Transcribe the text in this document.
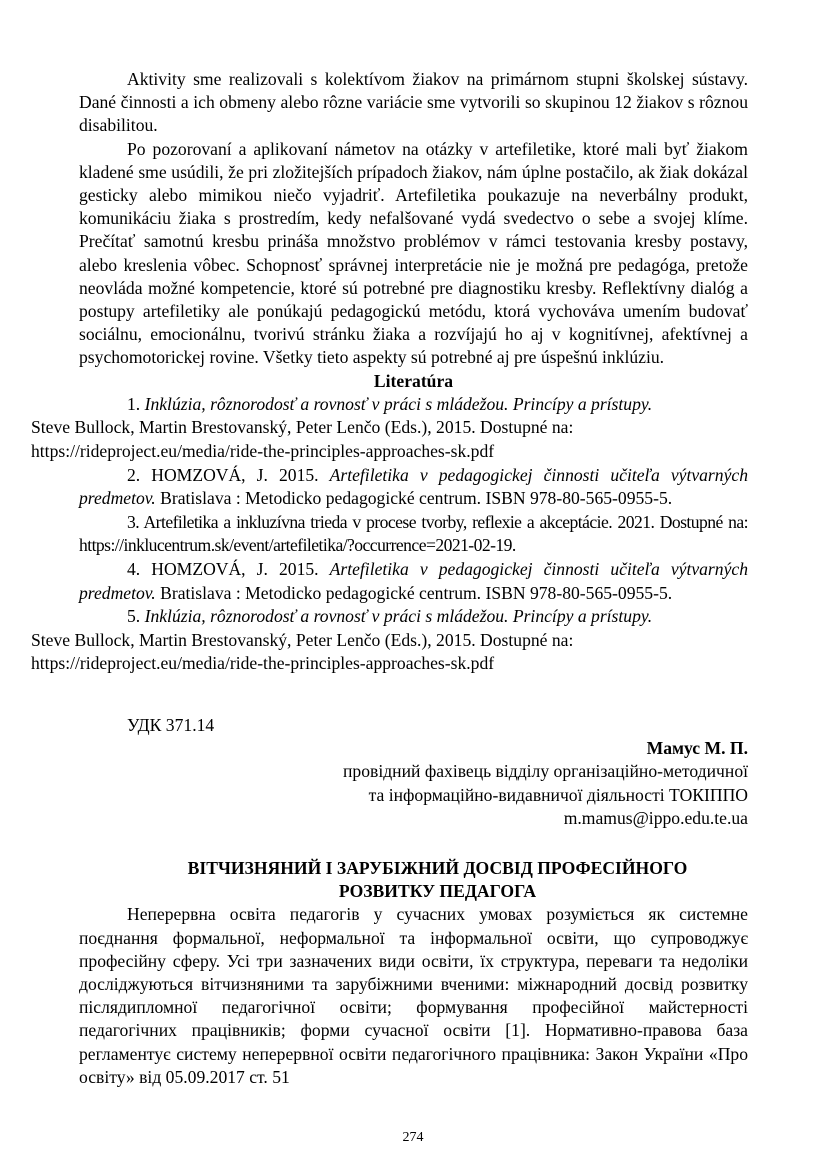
Aktivity sme realizovali s kolektívom žiakov na primárnom stupni školskej sústavy. Dané činnosti a ich obmeny alebo rôzne variácie sme vytvorili so skupinou 12 žiakov s rôznou disabilitou.

Po pozorovaní a aplikovaní námetov na otázky v artefiletike, ktoré mali byť žiakom kladené sme usúdili, že pri zložitejších prípadoch žiakov, nám úplne postačilo, ak žiak dokázal gesticky alebo mimikou niečo vyjadriť. Artefiletika poukazuje na neverbálny produkt, komunikáciu žiaka s prostredím, kedy nefalšované vydá svedectvo o sebe a svojej klíme. Prečítať samotnú kresbu prináša množstvo problémov v rámci testovania kresby postavy, alebo kreslenia vôbec. Schopnosť správnej interpretácie nie je možná pre pedagóga, pretože neovláda možné kompetencie, ktoré sú potrebné pre diagnostiku kresby. Reflektívny dialóg a postupy artefiletiky ale ponúkajú pedagogickú metódu, ktorá vychováva umením budovať sociálnu, emocionálnu, tvorivú stránku žiaka a rozvíjajú ho aj v kognitívnej, afektívnej a psychomotorickej rovine. Všetky tieto aspekty sú potrebné aj pre úspešnú inklúziu.

Literatúra

1. Inklúzia, rôznorodosť a rovnosť v práci s mládežou. Princípy a prístupy.
Steve Bullock, Martin Brestovanský, Peter Lenčo (Eds.), 2015. Dostupné na:
https://rideproject.eu/media/ride-the-principles-approaches-sk.pdf

2. HOMZOVÁ, J. 2015. Artefiletika v pedagogickej činnosti učiteľa výtvarných predmetov. Bratislava : Metodicko pedagogické centrum. ISBN 978-80-565-0955-5.

3. Artefiletika a inkluzívna trieda v procese tvorby, reflexie a akceptácie. 2021. Dostupné na: https://inklucentrum.sk/event/artefiletika/?occurrence=2021-02-19.

4. HOMZOVÁ, J. 2015. Artefiletika v pedagogickej činnosti učiteľa výtvarných predmetov. Bratislava : Metodicko pedagogické centrum. ISBN 978-80-565-0955-5.

5. Inklúzia, rôznorodosť a rovnosť v práci s mládežou. Princípy a prístupy.
Steve Bullock, Martin Brestovanský, Peter Lenčo (Eds.), 2015. Dostupné na:
https://rideproject.eu/media/ride-the-principles-approaches-sk.pdf

УДК 371.14

Мамус М. П.

провідний фахівець відділу організаційно-методичної

та інформаційно-видавничої діяльності ТОКІППО

m.mamus@ippo.edu.te.ua

ВІТЧИЗНЯНИЙ І ЗАРУБІЖНИЙ ДОСВІД ПРОФЕСІЙНОГО
РОЗВИТКУ ПЕДАГОГА

Неперервна освіта педагогів у сучасних умовах розуміється як системне поєднання формальної, неформальної та інформальної освіти, що супроводжує професійну сферу. Усі три зазначених види освіти, їх структура, переваги та недоліки досліджуються вітчизняними та зарубіжними вченими: міжнародний досвід розвитку післядипломної педагогічної освіти; формування професійної майстерності педагогічних працівників; форми сучасної освіти [1]. Нормативно-правова база регламентує систему неперервної освіти педагогічного працівника: Закон України «Про освіту» від 05.09.2017 ст. 51

274
